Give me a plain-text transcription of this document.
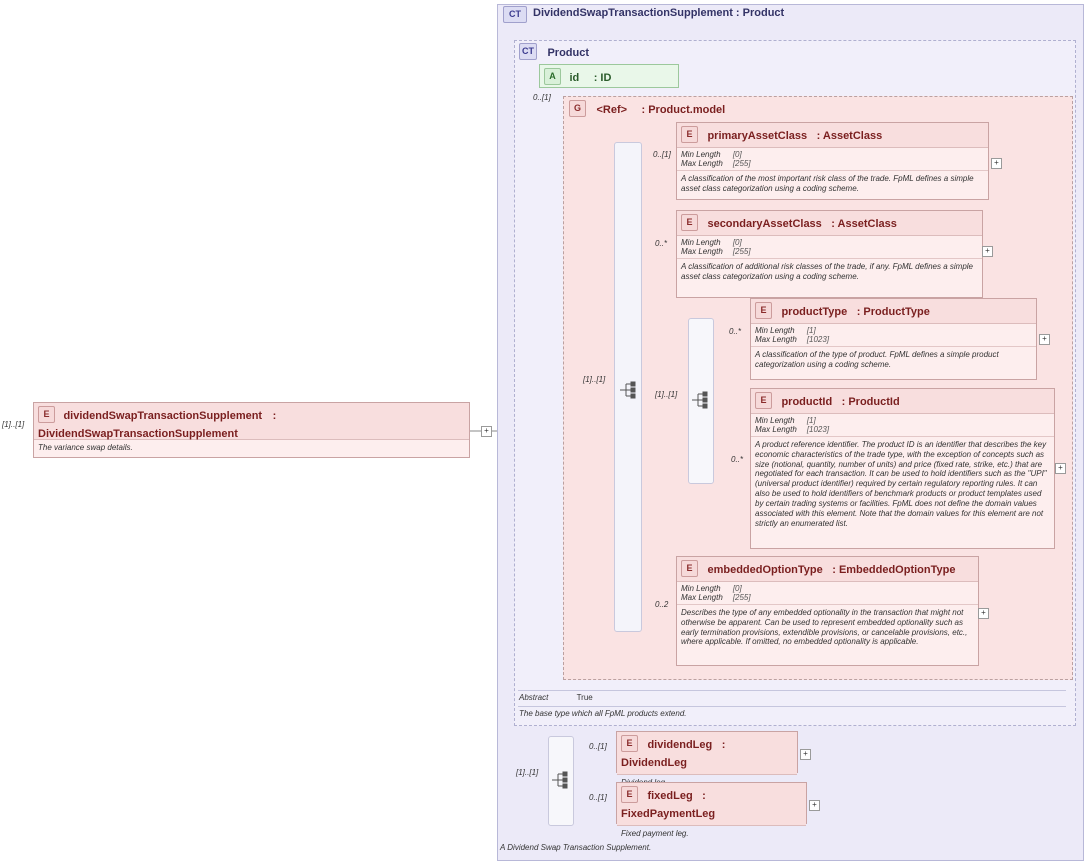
E dividendSwapTransactionSupplement : DividendSwapTransactionSupplement
The variance swap details.
[1]..[1]
+
CT DividendSwapTransactionSupplement : Product
A Dividend Swap Transaction Supplement.
CT Product
A id : ID
0..[1]
G <Ref> : Product.model
[1]..[1]
[1]..[1]
E primaryAssetClass : AssetClass
Min Length	[0]
Max Length	[255]
A classification of the most important risk class of the trade. FpML defines a simple asset class categorization using a coding scheme.
0..[1]
+
E secondaryAssetClass : AssetClass
Min Length	[0]
Max Length	[255]
A classification of additional risk classes of the trade, if any. FpML defines a simple asset class categorization using a coding scheme.
0..*
+
E productType : ProductType
Min Length	[1]
Max Length	[1023]
A classification of the type of product. FpML defines a simple product categorization using a coding scheme.
0..*
+
E productId : ProductId
Min Length	[1]
Max Length	[1023]
A product reference identifier. The product ID is an identifier that describes the key economic characteristics of the trade type, with the exception of concepts such as size (notional, quantity, number of units) and price (fixed rate, strike, etc.) that are negotiated for each transaction. It can be used to hold identifiers such as the "UPI" (universal product identifier) required by certain regulatory reporting rules. It can also be used to hold identifiers of benchmark products or product templates used by certain trading systems or facilities. FpML does not define the domain values associated with this element. Note that the domain values for this element are not strictly an enumerated list.
0..*
+
E embeddedOptionType : EmbeddedOptionType
Min Length	[0]
Max Length	[255]
Describes the type of any embedded optionality in the transaction that might not otherwise be apparent. Can be used to represent embedded optionality such as early termination provisions, extendible provisions, or cancelable provisions, etc., where applicable. If omitted, no embedded optionality is applicable.
0..2
+
Abstract	True
The base type which all FpML products extend.
[1]..[1]
E dividendLeg : DividendLeg
0..[1]
+
E fixedLeg : FixedPaymentLeg
Fixed payment leg.
0..[1]
+
